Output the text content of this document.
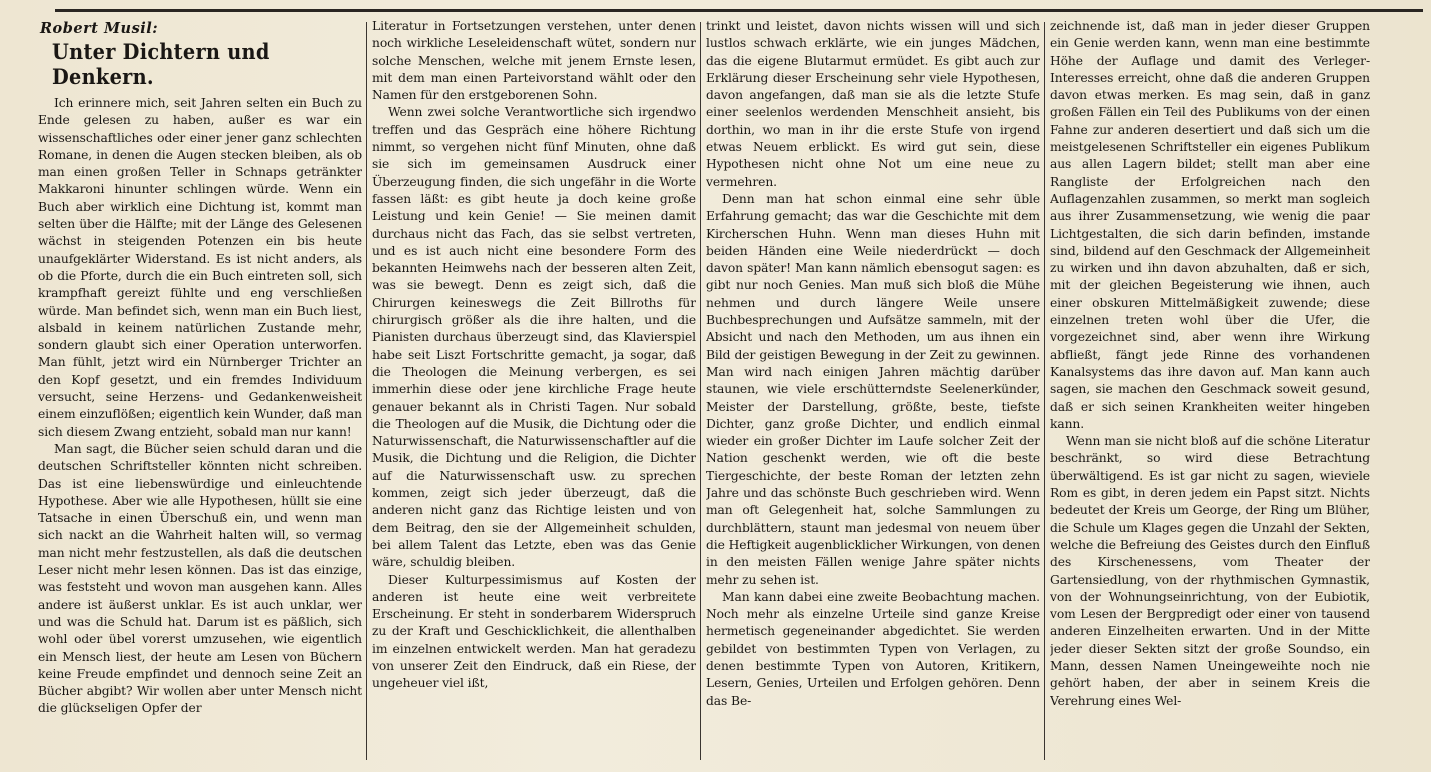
Robert Musil:
Unter Dichtern und Denkern.

Ich erinnere mich, seit Jahren selten ein Buch zu Ende gelesen zu haben, außer es war ein wissenschaftliches oder einer jener ganz schlechten Romane, in denen die Augen stecken bleiben, als ob man einen großen Teller in Schnaps getränkter Makkaroni hinunter schlingen würde. Wenn ein Buch aber wirklich eine Dichtung ist, kommt man selten über die Hälfte; mit der Länge des Gelesenen wächst in steigenden Potenzen ein bis heute unaufgeklärter Widerstand. Es ist nicht anders, als ob die Pforte, durch die ein Buch eintreten soll, sich krampfhaft gereizt fühlte und eng verschließen würde. Man befindet sich, wenn man ein Buch liest, alsbald in keinem natürlichen Zustande mehr, sondern glaubt sich einer Operation unterworfen. Man fühlt, jetzt wird ein Nürnberger Trichter an den Kopf gesetzt, und ein fremdes Individuum versucht, seine Herzens- und Gedankenweisheit einem einzuflößen; eigentlich kein Wunder, daß man sich diesem Zwang entzieht, sobald man nur kann!

Man sagt, die Bücher seien schuld daran und die deutschen Schriftsteller könnten nicht schreiben. Das ist eine liebenswürdige und einleuchtende Hypothese. Aber wie alle Hypothesen, hüllt sie eine Tatsache in einen Überschuß ein, und wenn man sich nackt an die Wahrheit halten will, so vermag man nicht mehr festzustellen, als daß die deutschen Leser nicht mehr lesen können. Das ist das einzige, was feststeht und wovon man ausgehen kann. Alles andere ist äußerst unklar. Es ist auch unklar, wer und was die Schuld hat. Darum ist es päßlich, sich wohl oder übel vorerst umzusehen, wie eigentlich ein Mensch liest, der heute am Lesen von Büchern keine Freude empfindet und dennoch seine Zeit an Bücher abgibt? Wir wollen aber unter Mensch nicht die glückseligen Opfer der

Literatur in Fortsetzungen verstehen, unter denen noch wirkliche Leseleidenschaft wütet, sondern nur solche Menschen, welche mit jenem Ernste lesen, mit dem man einen Parteivorstand wählt oder den Namen für den erstgeborenen Sohn.

Wenn zwei solche Verantwortliche sich irgendwo treffen und das Gespräch eine höhere Richtung nimmt, so vergehen nicht fünf Minuten, ohne daß sie sich im gemeinsamen Ausdruck einer Überzeugung finden, die sich ungefähr in die Worte fassen läßt: es gibt heute ja doch keine große Leistung und kein Genie! — Sie meinen damit durchaus nicht das Fach, das sie selbst vertreten, und es ist auch nicht eine besondere Form des bekannten Heimwehs nach der besseren alten Zeit, was sie bewegt. Denn es zeigt sich, daß die Chirurgen keineswegs die Zeit Billroths für chirurgisch größer als die ihre halten, und die Pianisten durchaus überzeugt sind, das Klavierspiel habe seit Liszt Fortschritte gemacht, ja sogar, daß die Theologen die Meinung verbergen, es sei immerhin diese oder jene kirchliche Frage heute genauer bekannt als in Christi Tagen. Nur sobald die Theologen auf die Musik, die Dichtung oder die Naturwissenschaft, die Naturwissenschaftler auf die Musik, die Dichtung und die Religion, die Dichter auf die Naturwissenschaft usw. zu sprechen kommen, zeigt sich jeder überzeugt, daß die anderen nicht ganz das Richtige leisten und von dem Beitrag, den sie der Allgemeinheit schulden, bei allem Talent das Letzte, eben was das Genie wäre, schuldig bleiben.

Dieser Kulturpessimismus auf Kosten der anderen ist heute eine weit verbreitete Erscheinung. Er steht in sonderbarem Widerspruch zu der Kraft und Geschicklichkeit, die allenthalben im einzelnen entwickelt werden. Man hat geradezu von unserer Zeit den Eindruck, daß ein Riese, der ungeheuer viel ißt,

trinkt und leistet, davon nichts wissen will und sich lustlos schwach erklärte, wie ein junges Mädchen, das die eigene Blutarmut ermüdet. Es gibt auch zur Erklärung dieser Erscheinung sehr viele Hypothesen, davon angefangen, daß man sie als die letzte Stufe einer seelenlos werdenden Menschheit ansieht, bis dorthin, wo man in ihr die erste Stufe von irgend etwas Neuem erblickt. Es wird gut sein, diese Hypothesen nicht ohne Not um eine neue zu vermehren.

Denn man hat schon einmal eine sehr üble Erfahrung gemacht; das war die Geschichte mit dem Kircherschen Huhn. Wenn man dieses Huhn mit beiden Händen eine Weile niederdrückt — doch davon später! Man kann nämlich ebensogut sagen: es gibt nur noch Genies. Man muß sich bloß die Mühe nehmen und durch längere Weile unsere Buchbesprechungen und Aufsätze sammeln, mit der Absicht und nach den Methoden, um aus ihnen ein Bild der geistigen Bewegung in der Zeit zu gewinnen. Man wird nach einigen Jahren mächtig darüber staunen, wie viele erschütterndste Seelenerkünder, Meister der Darstellung, größte, beste, tiefste Dichter, ganz große Dichter, und endlich einmal wieder ein großer Dichter im Laufe solcher Zeit der Nation geschenkt werden, wie oft die beste Tiergeschichte, der beste Roman der letzten zehn Jahre und das schönste Buch geschrieben wird. Wenn man oft Gelegenheit hat, solche Sammlungen zu durchblättern, staunt man jedesmal von neuem über die Heftigkeit augenblicklicher Wirkungen, von denen in den meisten Fällen wenige Jahre später nichts mehr zu sehen ist.

Man kann dabei eine zweite Beobachtung machen. Noch mehr als einzelne Urteile sind ganze Kreise hermetisch gegeneinander abgedichtet. Sie werden gebildet von bestimmten Typen von Verlagen, zu denen bestimmte Typen von Autoren, Kritikern, Lesern, Genies, Urteilen und Erfolgen gehören. Denn das Be-

zeichnende ist, daß man in jeder dieser Gruppen ein Genie werden kann, wenn man eine bestimmte Höhe der Auflage und damit des Verleger-Interesses erreicht, ohne daß die anderen Gruppen davon etwas merken. Es mag sein, daß in ganz großen Fällen ein Teil des Publikums von der einen Fahne zur anderen desertiert und daß sich um die meistgelesenen Schriftsteller ein eigenes Publikum aus allen Lagern bildet; stellt man aber eine Rangliste der Erfolgreichen nach den Auflagenzahlen zusammen, so merkt man sogleich aus ihrer Zusammensetzung, wie wenig die paar Lichtgestalten, die sich darin befinden, imstande sind, bildend auf den Geschmack der Allgemeinheit zu wirken und ihn davon abzuhalten, daß er sich, mit der gleichen Begeisterung wie ihnen, auch einer obskuren Mittelmäßigkeit zuwende; diese einzelnen treten wohl über die Ufer, die vorgezeichnet sind, aber wenn ihre Wirkung abfließt, fängt jede Rinne des vorhandenen Kanalsystems das ihre davon auf. Man kann auch sagen, sie machen den Geschmack soweit gesund, daß er sich seinen Krankheiten weiter hingeben kann.

Wenn man sie nicht bloß auf die schöne Literatur beschränkt, so wird diese Betrachtung überwältigend. Es ist gar nicht zu sagen, wieviele Rom es gibt, in deren jedem ein Papst sitzt. Nichts bedeutet der Kreis um George, der Ring um Blüher, die Schule um Klages gegen die Unzahl der Sekten, welche die Befreiung des Geistes durch den Einfluß des Kirschenessens, vom Theater der Gartensiedlung, von der rhythmischen Gymnastik, von der Wohnungseinrichtung, von der Eubiotik, vom Lesen der Bergpredigt oder einer von tausend anderen Einzelheiten erwarten. Und in der Mitte jeder dieser Sekten sitzt der große Soundso, ein Mann, dessen Namen Uneingeweihte noch nie gehört haben, der aber in seinem Kreis die Verehrung eines Wel-
